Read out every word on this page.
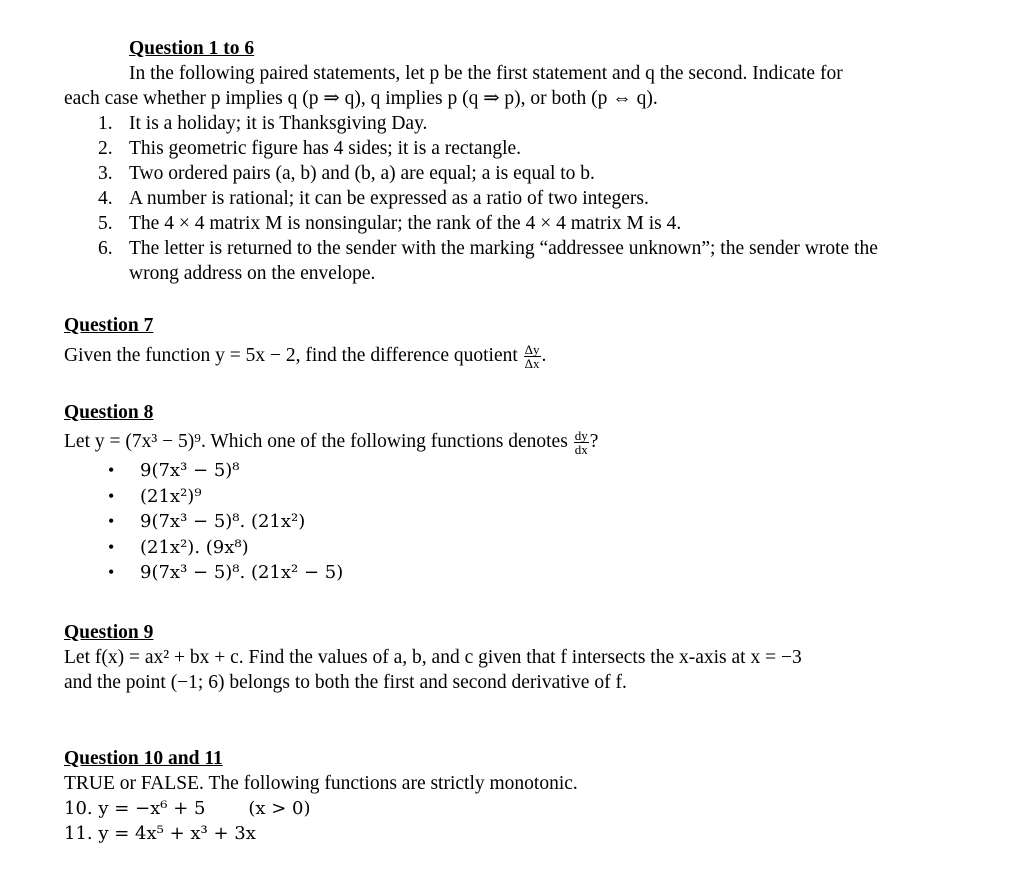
Question 1 to 6
In the following paired statements, let p be the first statement and q the second. Indicate for
each case whether p implies q (p ⇒ q), q implies p (q ⇒ p), or both (p ⇔ q).
1. It is a holiday; it is Thanksgiving Day.
2. This geometric figure has 4 sides; it is a rectangle.
3. Two ordered pairs (a, b) and (b, a) are equal; a is equal to b.
4. A number is rational; it can be expressed as a ratio of two integers.
5. The 4 × 4 matrix M is nonsingular; the rank of the 4 × 4 matrix M is 4.
6. The letter is returned to the sender with the marking “addressee unknown”; the sender wrote the
wrong address on the envelope.
Question 7
Given the function y = 5x − 2, find the difference quotient $\frac{\Delta y}{\Delta x}$ .
Question 8
Let y = (7x³ − 5)⁹. Which one of the following functions denotes $\frac{dy}{dx}$ ?
• 9(7x³ − 5)⁸
• (21x²)⁹
• 9(7x³ − 5)⁸. (21x²)
• (21x²). (9x⁸)
• 9(7x³ − 5)⁸. (21x² − 5)
Question 9
Let f(x) = ax² + bx + c. Find the values of a, b, and c given that f intersects the x-axis at x = −3
and the point (−1; 6) belongs to both the first and second derivative of f.
Question 10 and 11
TRUE or FALSE. The following functions are strictly monotonic.
10. y = −x⁶ + 5 (x > 0)
11. y = 4x⁵ + x³ + 3x
